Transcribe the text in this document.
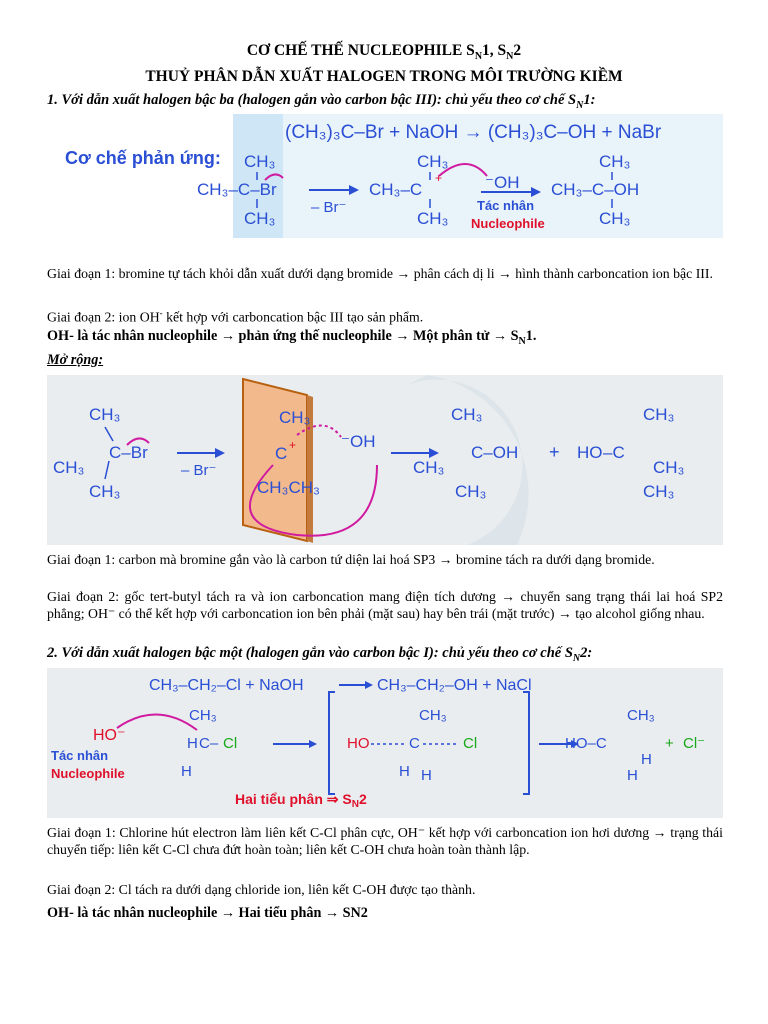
CƠ CHẾ THẾ NUCLEOPHILE $S_N1$, $S_N2$
THUỶ PHÂN DẪN XUẤT HALOGEN TRONG MÔI TRƯỜNG KIỀM
1. Với dẫn xuất halogen bậc ba (halogen gắn vào carbon bậc III): chủ yếu theo cơ chế $S_N1$:
(CH₃)₃C–Br + NaOH → (CH₃)₃C–OH + NaBr
Cơ chế phản ứng: CH₃
CH₃–C–Br
CH₃
– Br⁻
CH₃
CH₃–C
CH₃
+	⁻OH
Tác nhân
Nucleophile
CH₃
CH₃–C–OH
CH₃
Giai đoạn 1: bromine tự tách khỏi dẫn xuất dưới dạng bromide → phân cách dị li → hình thành carboncation ion bậc III.
Giai đoạn 2: ion OH- kết hợp với carboncation bậc III tạo sản phẩm.
OH- là tác nhân nucleophile → phản ứng thế nucleophile → Một phân tử → $S_N1$.
Mở rộng:
CH₃
CH₃
CH₃
C–Br
– Br⁻
CH₃
C
CH₃CH₃
+	⁻OH
CH₃
CH₃
CH₃
C–OH + HO –C
CH₃
CH₃
CH₃
Giai đoạn 1: carbon mà bromine gắn vào là carbon tứ diện lai hoá SP3 → bromine tách ra dưới dạng bromide.
Giai đoạn 2: gốc tert-butyl tách ra và ion carboncation mang điện tích dương → chuyển sang trạng thái lai hoá SP2 phẳng; OH⁻ có thể kết hợp với carboncation ion bên phải (mặt sau) hay bên trái (mặt trước) → tạo alcohol giống nhau.
2. Với dẫn xuất halogen bậc một (halogen gắn vào carbon bậc I): chủ yếu theo cơ chế $S_N2$:
CH₃–CH₂–Cl + NaOH	CH₃–CH₂–OH + NaCl
HO⁻
Tác nhân
Nucleophile
CH₃
H C–
H
Cl	HO	C
CH₃
H H
Cl	HO–C
CH₃
H
H
+ Cl⁻
Hai tiểu phân ⇒ $S_N2$
Giai đoạn 1: Chlorine hút electron làm liên kết C-Cl phân cực, OH⁻ kết hợp với carboncation ion hơi dương → trạng thái chuyển tiếp: liên kết C-Cl chưa đứt hoàn toàn; liên kết C-OH chưa hoàn toàn thành lập.
Giai đoạn 2: Cl tách ra dưới dạng chloride ion, liên kết C-OH được tạo thành.
OH- là tác nhân nucleophile → Hai tiểu phân → SN2
